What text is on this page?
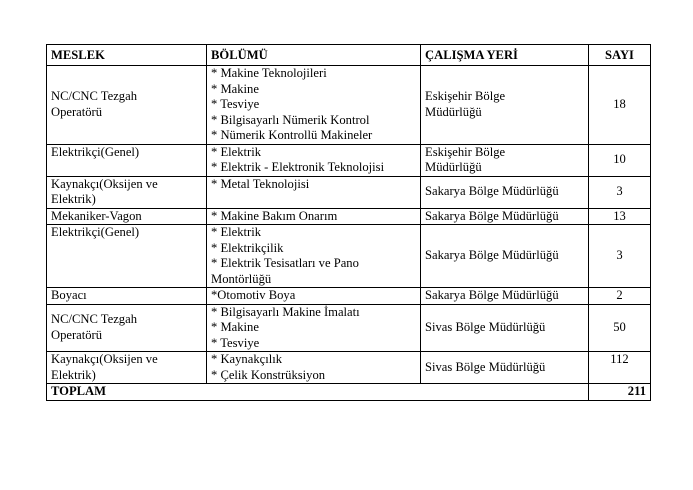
MESLEK	BÖLÜMÜ	ÇALIŞMA YERİ	SAYI

NC/CNC Tezgah
Operatörü	* Makine Teknolojileri
* Makine
* Tesviye
* Bilgisayarlı Nümerik Kontrol
* Nümerik Kontrollü Makineler	Eskişehir Bölge
Müdürlüğü	18

Elektrikçi(Genel)	* Elektrik
* Elektrik - Elektronik Teknolojisi	Eskişehir Bölge
Müdürlüğü	10

Kaynakçı(Oksijen ve
Elektrik)	* Metal Teknolojisi	Sakarya Bölge Müdürlüğü	3

Mekaniker-Vagon	* Makine Bakım Onarım	Sakarya Bölge Müdürlüğü	13

Elektrikçi(Genel)	* Elektrik
* Elektrikçilik
* Elektrik Tesisatları ve Pano
Montörlüğü	Sakarya Bölge Müdürlüğü	3

Boyacı	*Otomotiv Boya	Sakarya Bölge Müdürlüğü	2

NC/CNC Tezgah
Operatörü	* Bilgisayarlı Makine İmalatı
* Makine
* Tesviye	Sivas Bölge Müdürlüğü	50

Kaynakçı(Oksijen ve
Elektrik)	* Kaynakçılık
* Çelik Konstrüksiyon	Sivas Bölge Müdürlüğü	112
TOPLAM			211
